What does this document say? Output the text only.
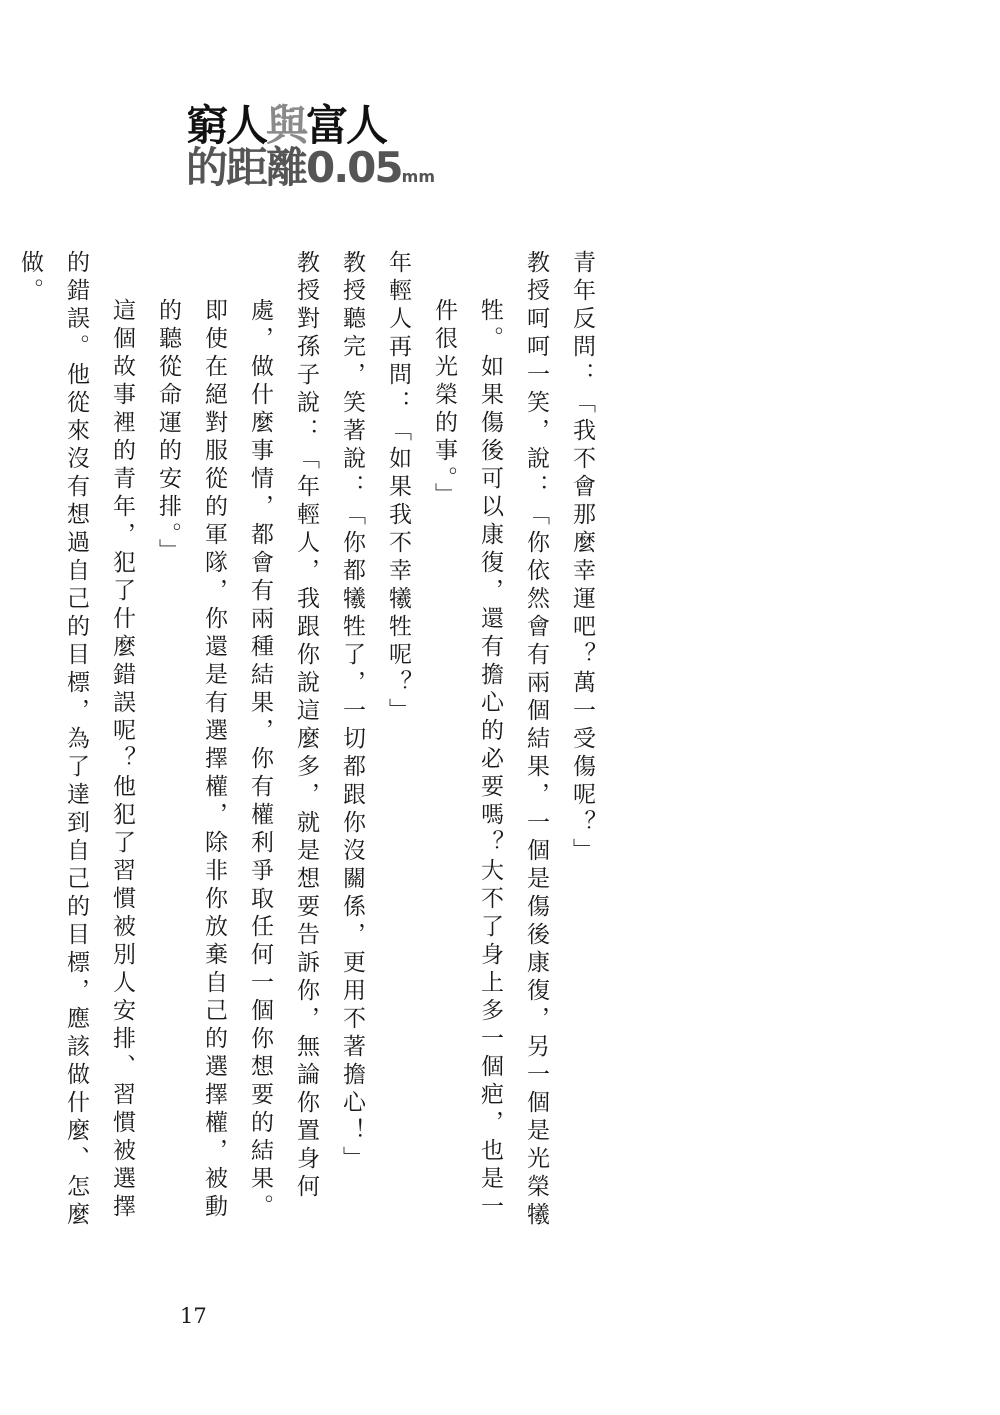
窮人與富人
的距離0.05mm

青年反問：「我不會那麼幸運吧？萬一受傷呢？」

教授呵呵一笑，說：「你依然會有兩個結果，一個是傷後康復，另一個是光榮犧牲。如果傷後可以康復，還有擔心的必要嗎？大不了身上多一個疤，也是一件很光榮的事。」

年輕人再問：「如果我不幸犧牲呢？」

教授聽完，笑著說：「你都犧牲了，一切都跟你沒關係，更用不著擔心！」

教授對孫子說：「年輕人，我跟你說這麼多，就是想要告訴你，無論你置身何處，做什麼事情，都會有兩種結果，你有權利爭取任何一個你想要的結果。即使在絕對服從的軍隊，你還是有選擇權，除非你放棄自己的選擇權，被動的聽從命運的安排。」

這個故事裡的青年，犯了什麼錯誤呢？他犯了習慣被別人安排、習慣被選擇的錯誤。他從來沒有想過自己的目標，為了達到自己的目標，應該做什麼、怎麼做。

17
